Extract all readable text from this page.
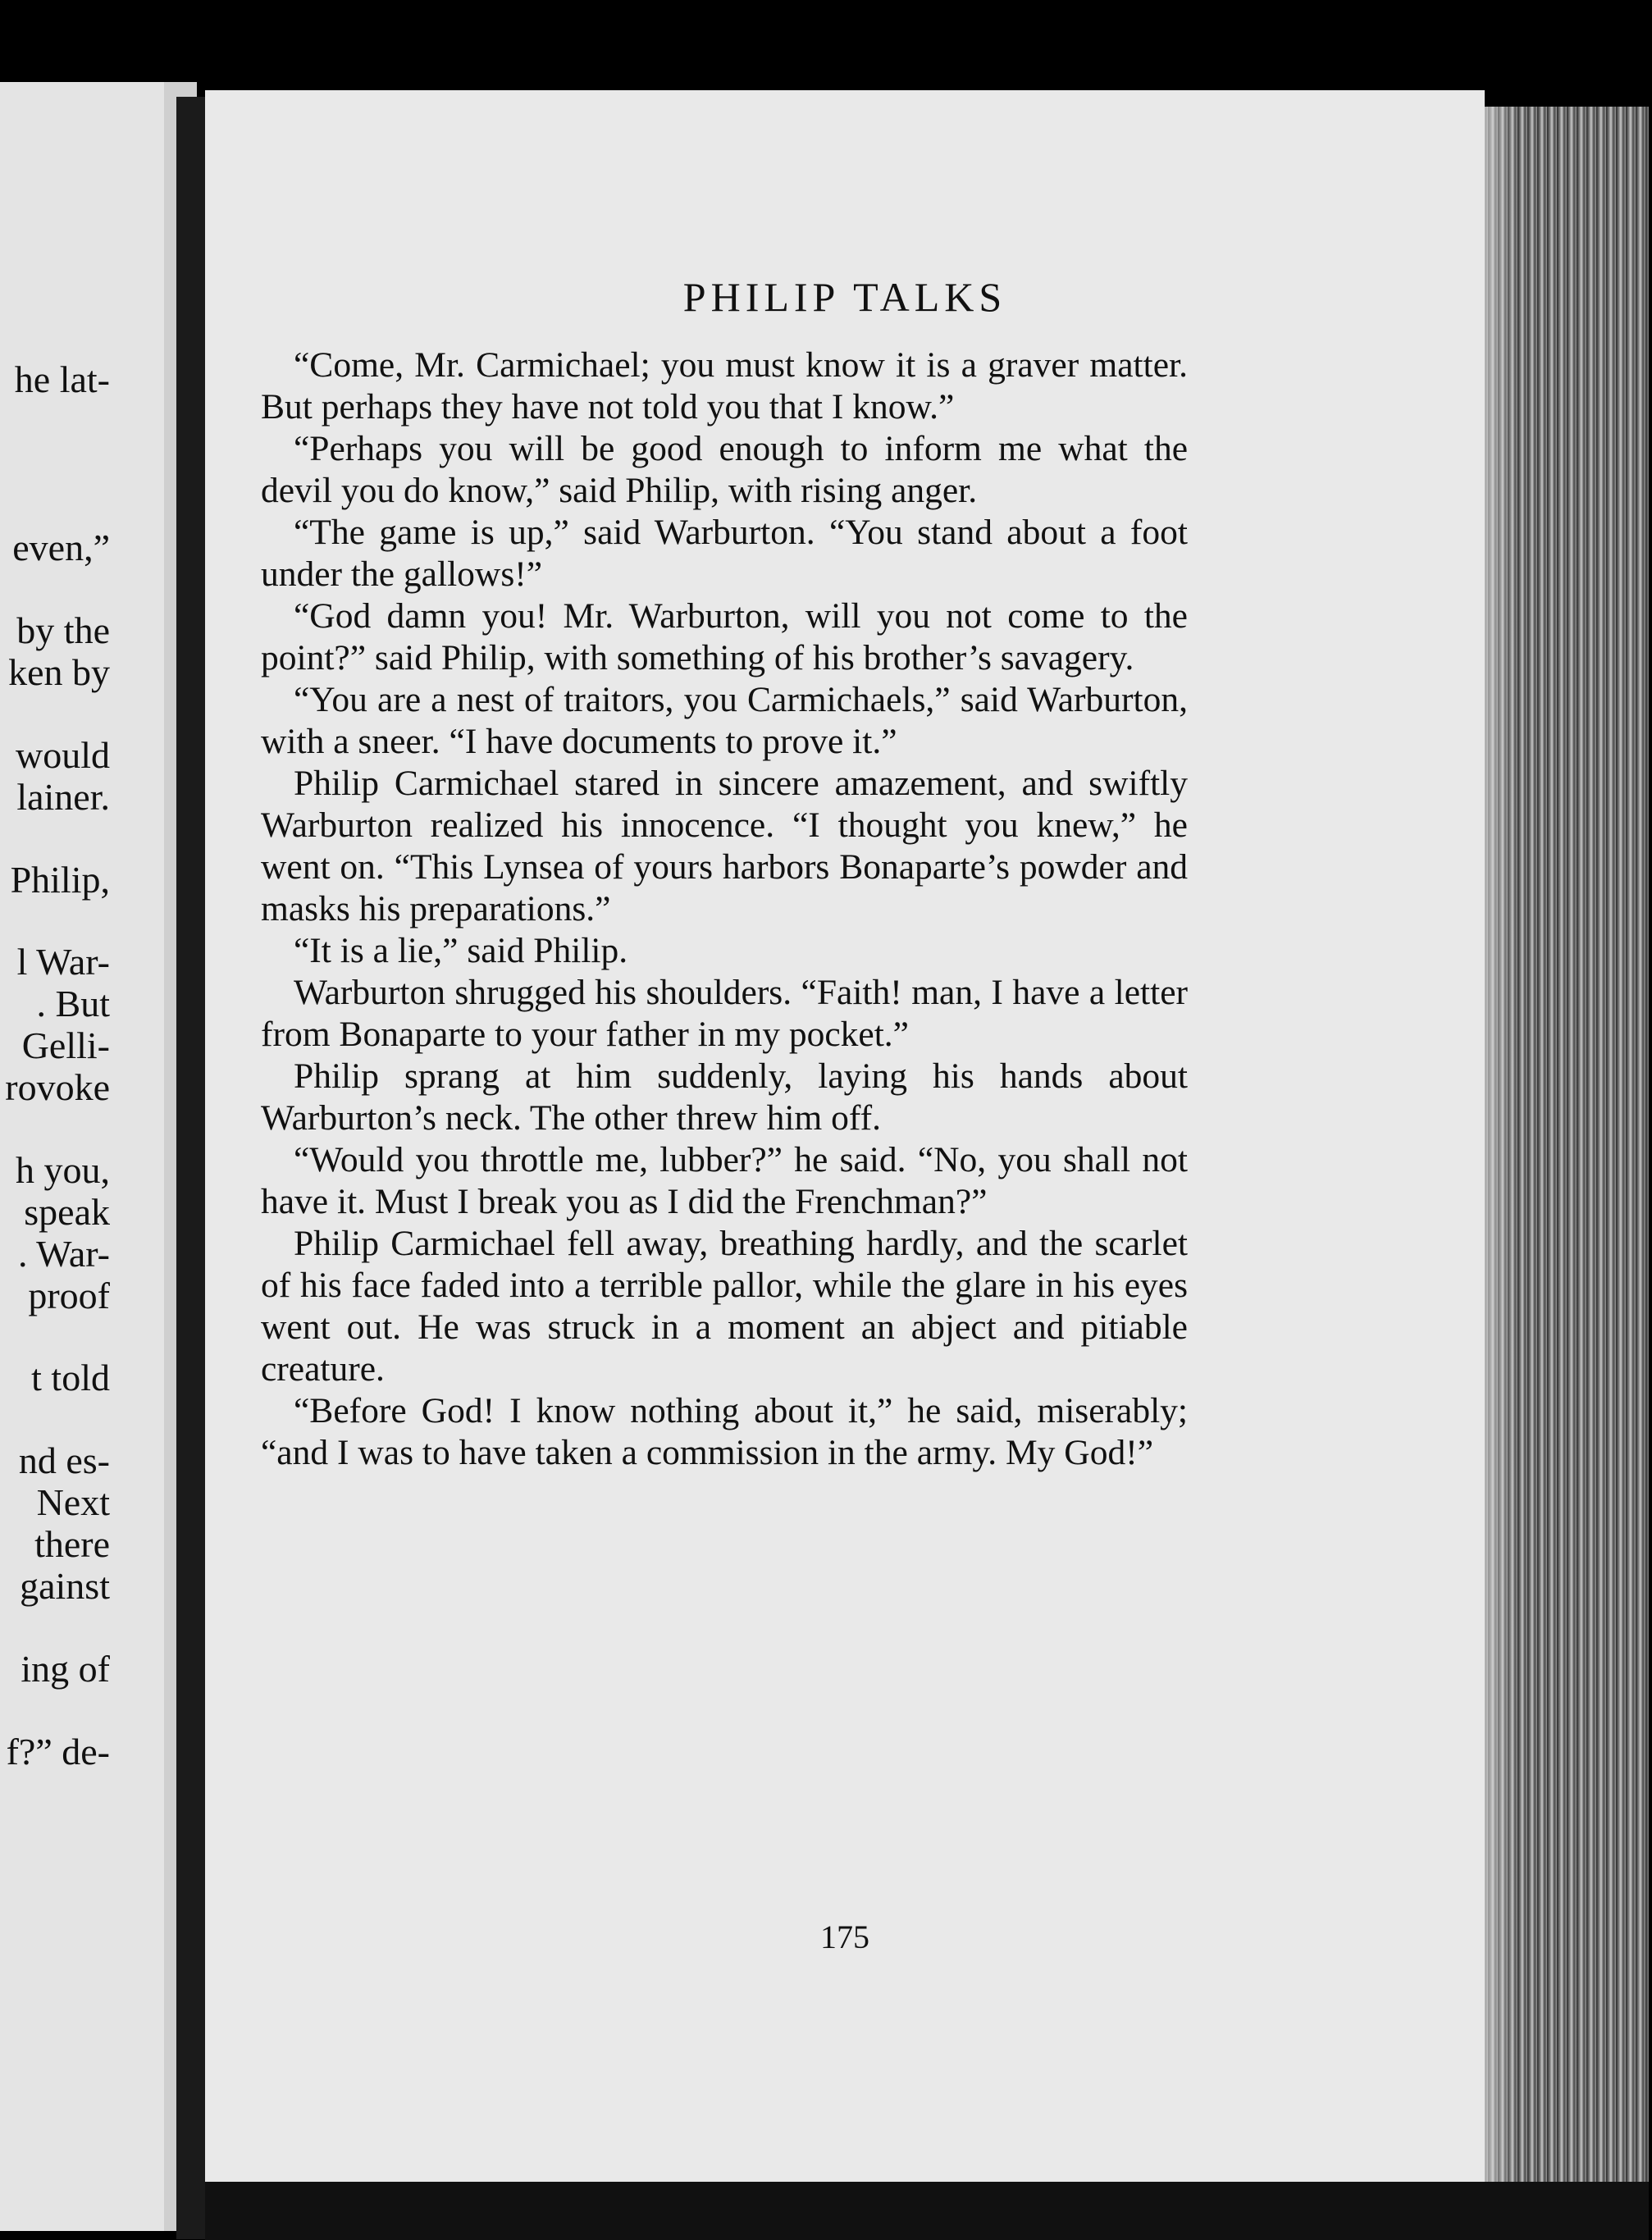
he lat-
even,”
by the
ken by
would
lainer.
Philip,
l War-
. But
Gelli-
rovoke
h you,
speak
. War-
proof
t told
nd es-
Next
there
gainst
ing of
f?” de-
PHILIP TALKS

“Come, Mr. Carmichael; you must know it is a graver matter. But perhaps they have not told you that I know.”

“Perhaps you will be good enough to inform me what the devil you do know,” said Philip, with rising anger.

“The game is up,” said Warburton. “You stand about a foot under the gallows!”

“God damn you! Mr. Warburton, will you not come to the point?” said Philip, with something of his brother’s savagery.

“You are a nest of traitors, you Carmichaels,” said Warburton, with a sneer. “I have documents to prove it.”

Philip Carmichael stared in sincere amazement, and swiftly Warburton realized his innocence. “I thought you knew,” he went on. “This Lynsea of yours harbors Bonaparte’s powder and masks his preparations.”

“It is a lie,” said Philip.

Warburton shrugged his shoulders. “Faith! man, I have a letter from Bonaparte to your father in my pocket.”

Philip sprang at him suddenly, laying his hands about Warburton’s neck. The other threw him off.

“Would you throttle me, lubber?” he said. “No, you shall not have it. Must I break you as I did the Frenchman?”

Philip Carmichael fell away, breathing hardly, and the scarlet of his face faded into a terrible pallor, while the glare in his eyes went out. He was struck in a moment an abject and pitiable creature.

“Before God! I know nothing about it,” he said, miserably; “and I was to have taken a commission in the army. My God!”

175
